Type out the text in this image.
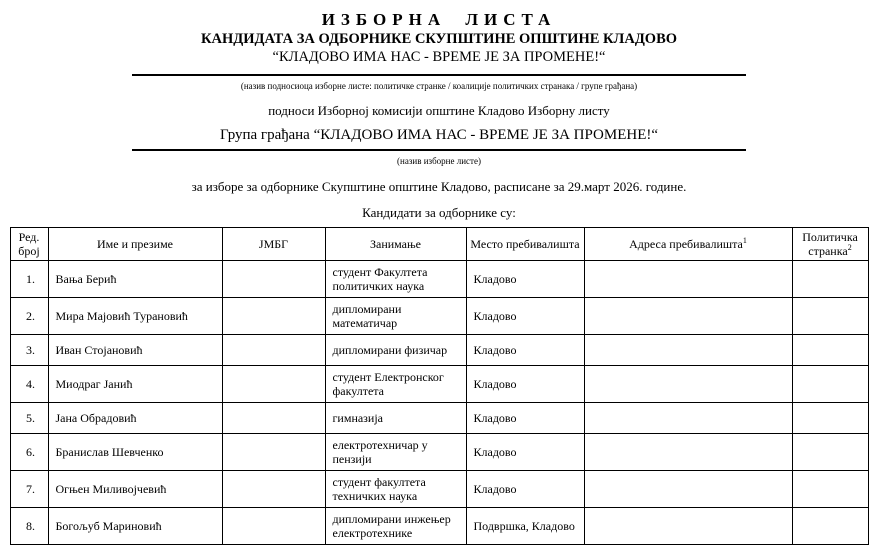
ИЗБОРНА ЛИСТА
КАНДИДАТА ЗА ОДБОРНИКЕ СКУПШТИНЕ ОПШТИНЕ КЛАДОВО
“КЛАДОВО ИМА НАС - ВРЕМЕ ЈЕ ЗА ПРОМЕНЕ!“
(назив подносиоца изборне листе: политичке странке / коалиције политичких странака / групе грађана)
подноси Изборној комисији општине Кладово Изборну листу
Група грађана “КЛАДОВО ИМА НАС - ВРЕМЕ ЈЕ ЗА ПРОМЕНЕ!“
(назив изборне листе)
за изборе за одборнике Скупштине општине Кладово, расписане за 29.март 2026. године.
Кандидати за одборнике су:
Ред. број	Име и презиме	ЈМБГ	Занимање	Место пребивалишта	Адреса пребивалишта$^1$	Политичка странка$^2$
1.	Вања Берић		студент Факултета политичких наука	Кладово		
2.	Мира Мајовић Турановић		дипломирани математичар	Кладово		
3.	Иван Стојановић		дипломирани физичар	Кладово		
4.	Миодраг Јанић		студент Електронског факултета	Кладово		
5.	Јана Обрадовић		гимназија	Кладово		
6.	Бранислав Шевченко		електротехничар у пензији	Кладово		
7.	Огњен Миливојчевић		студент факултета техничких наука	Кладово		
8.	Богољуб Мариновић		дипломирани инжењер електротехнике	Подвршка, Кладово		
